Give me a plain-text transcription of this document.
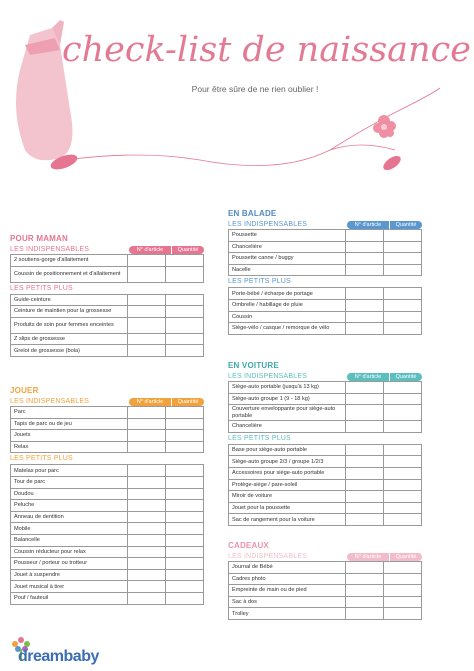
check-list de naissance
Pour être sûre de ne rien oublier !
POUR MAMAN
LES INDISPENSABLES	N° d'article	Quantité
2 soutiens-gorge d'allaitement		
Coussin de positionnement et d'allaitement		
LES PETITS PLUS
Guide-ceinture		
Ceinture de maintien pour la grossesse		
Produits de soin pour femmes enceintes		
Z slips de grossesse		
Grelot de grossesse (bola)		
JOUER
LES INDISPENSABLES	N° d'article	Quantité
Parc		
Tapis de parc ou de jeu		
Jouets		
Relax		
LES PETITS PLUS
Matelas pour parc		
Tour de parc		
Doudou		
Peluche		
Anneau de dentition		
Mobile		
Balancelle		
Coussin réducteur pour relax		
Pousseur / porteur ou trotteur		
Jouet à suspendre		
Jouet musical à tirer		
Pouf / fauteuil		
EN BALADE
LES INDISPENSABLES	N° d'article	Quantité
Poussette		
Chancelière		
Poussette canne / buggy		
Nacelle		
LES PETITS PLUS
Porte-bébé / écharpe de portage		
Ombrelle / habillage de pluie		
Coussin		
Siège-vélo / casque / remorque de vélo		
EN VOITURE
LES INDISPENSABLES	N° d'article	Quantité
Siège-auto portable (jusqu'à 13 kg)		
Siège-auto groupe 1 (9 - 18 kg)		
Couverture enveloppante pour siège-auto portable		
Chancelière		
LES PETITS PLUS
Base pour siège-auto portable		
Siège-auto groupe 2/3 / groupe 1/2/3		
Accessoires pour siège-auto portable		
Protège-siège / pare-soleil		
Miroir de voiture		
Jouet pour la poussette		
Sac de rangement pour la voiture		
CADEAUX
LES INDISPENSABLES	N° d'article	Quantité
Journal de Bébé		
Cadres photo		
Empreinte de main ou de pied		
Sac à dos		
Trolley		
dreambaby
